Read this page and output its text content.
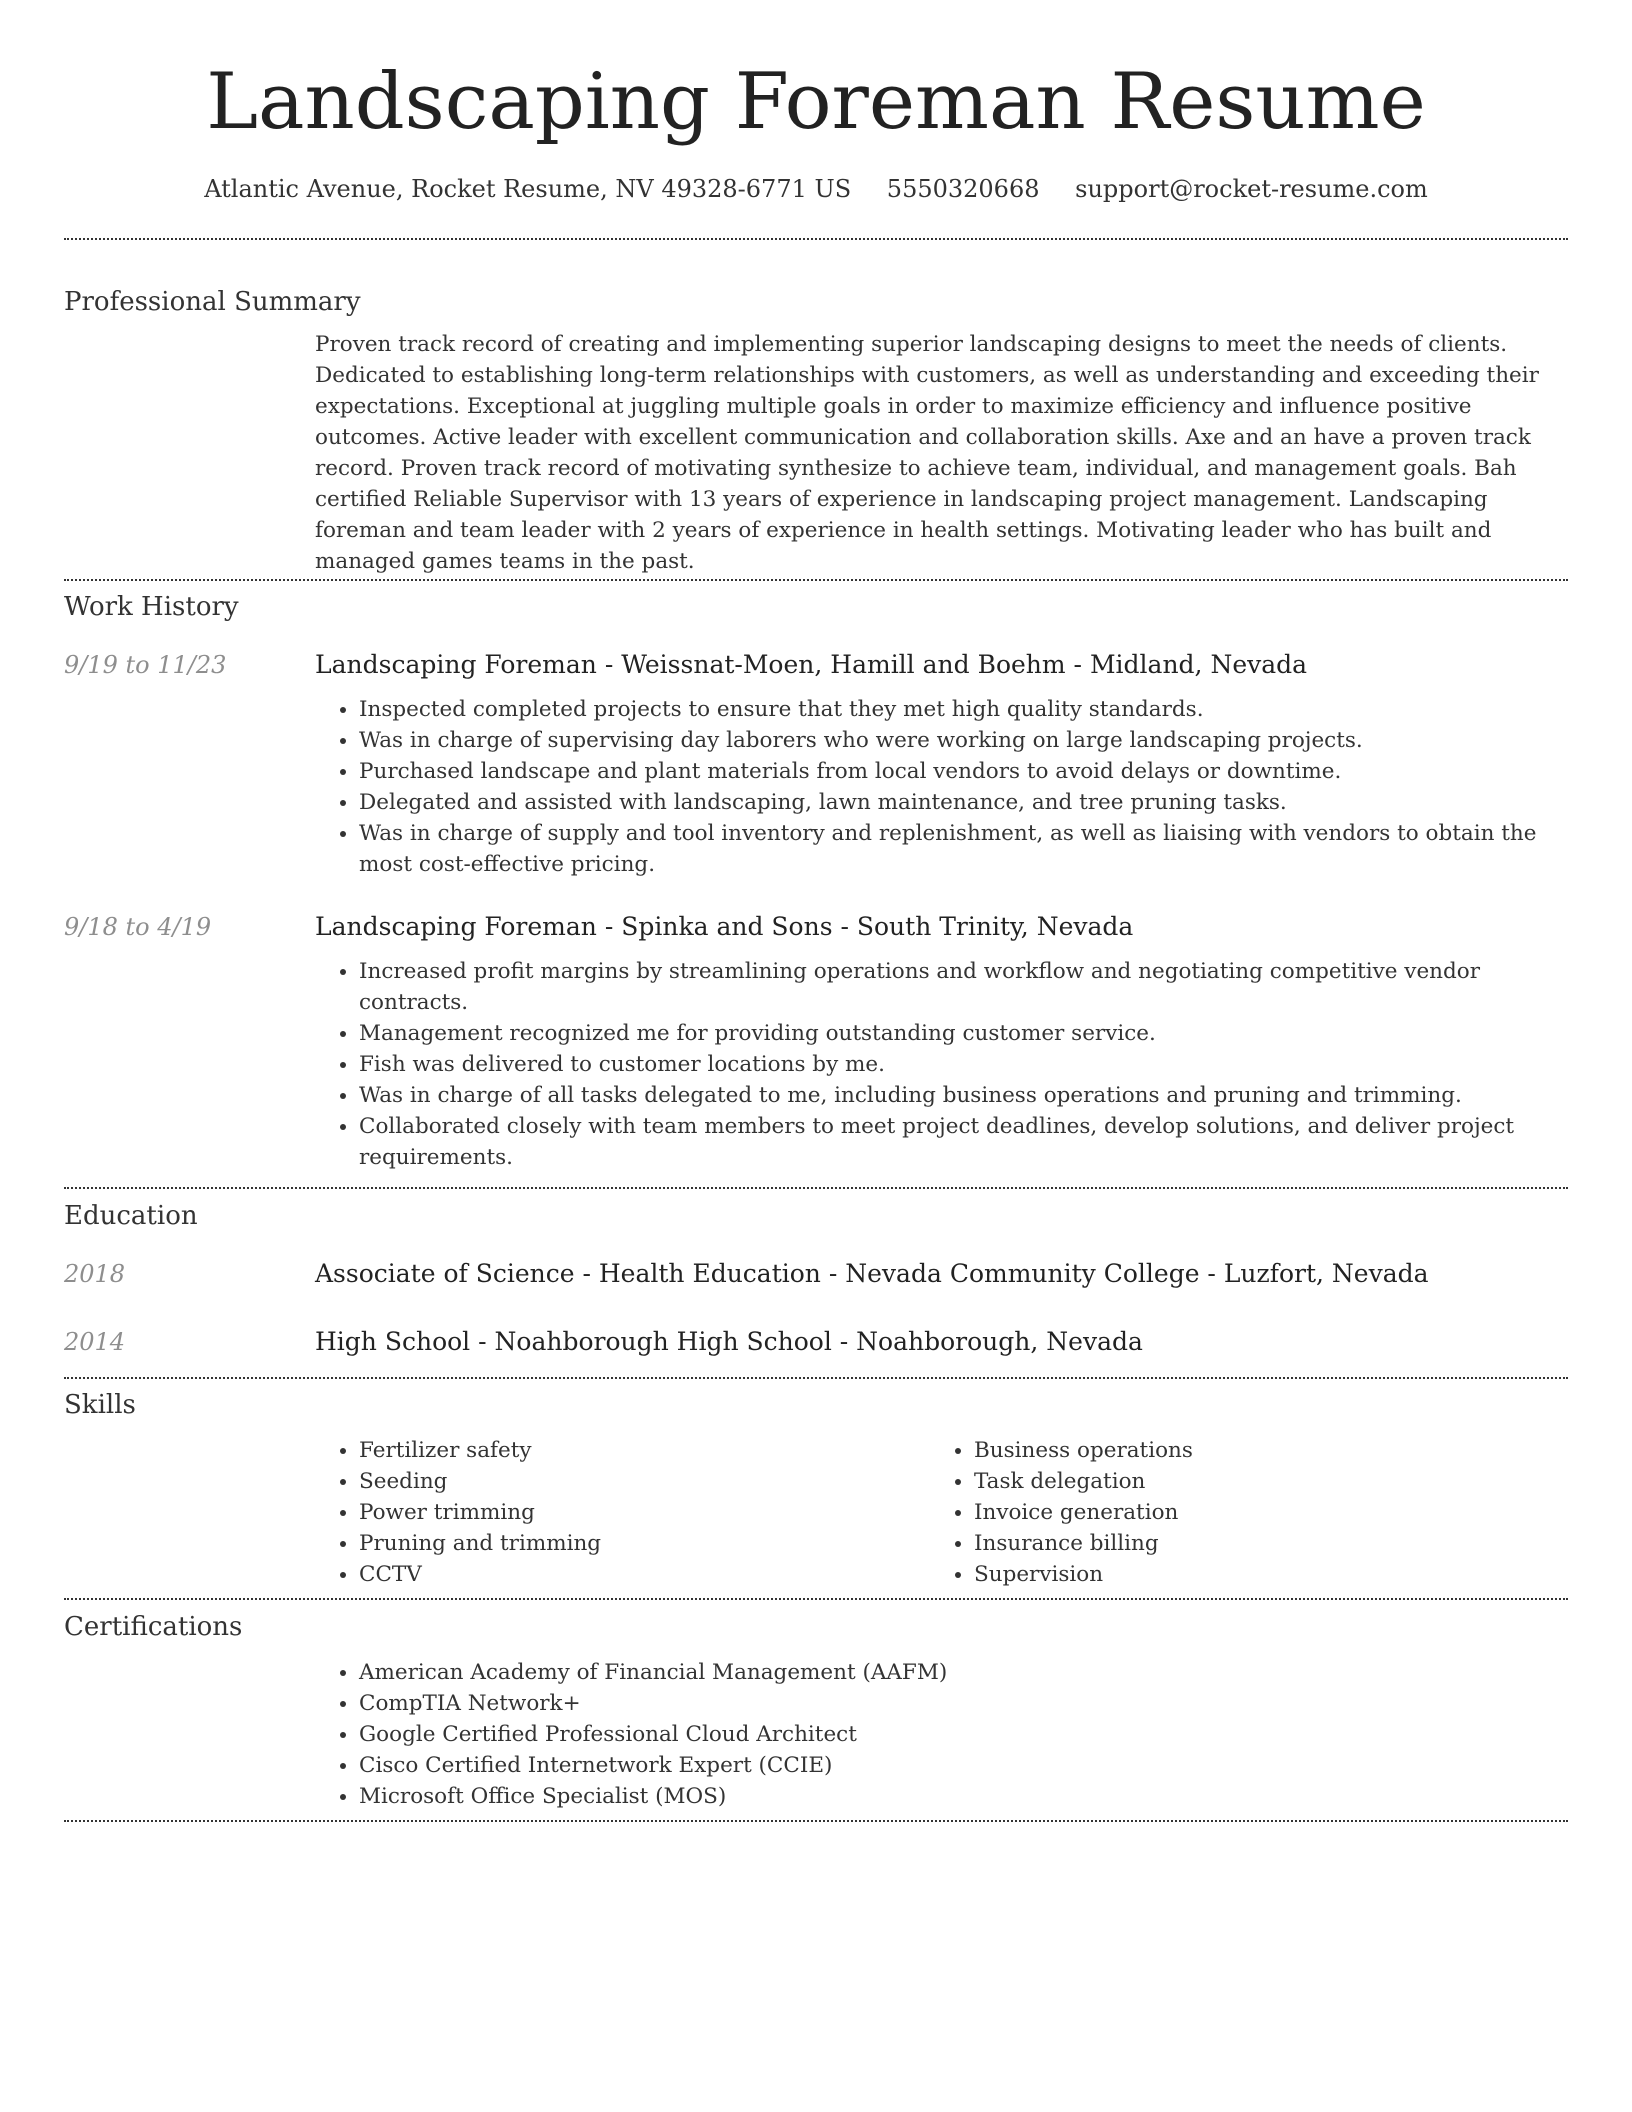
Landscaping Foreman Resume
Atlantic Avenue, Rocket Resume, NV 49328-6771 US 5550320668 support@rocket-resume.com
Professional Summary
Proven track record of creating and implementing superior landscaping designs to meet the needs of clients. Dedicated to establishing long-term relationships with customers, as well as understanding and exceeding their expectations. Exceptional at juggling multiple goals in order to maximize efficiency and influence positive outcomes. Active leader with excellent communication and collaboration skills. Axe and an have a proven track record. Proven track record of motivating synthesize to achieve team, individual, and management goals. Bah certified Reliable Supervisor with 13 years of experience in landscaping project management. Landscaping foreman and team leader with 2 years of experience in health settings. Motivating leader who has built and managed games teams in the past.
Work History
9/19 to 11/23	Landscaping Foreman - Weissnat-Moen, Hamill and Boehm - Midland, Nevada
• Inspected completed projects to ensure that they met high quality standards.
• Was in charge of supervising day laborers who were working on large landscaping projects.
• Purchased landscape and plant materials from local vendors to avoid delays or downtime.
• Delegated and assisted with landscaping, lawn maintenance, and tree pruning tasks.
• Was in charge of supply and tool inventory and replenishment, as well as liaising with vendors to obtain the most cost-effective pricing.
9/18 to 4/19	Landscaping Foreman - Spinka and Sons - South Trinity, Nevada
• Increased profit margins by streamlining operations and workflow and negotiating competitive vendor contracts.
• Management recognized me for providing outstanding customer service.
• Fish was delivered to customer locations by me.
• Was in charge of all tasks delegated to me, including business operations and pruning and trimming.
• Collaborated closely with team members to meet project deadlines, develop solutions, and deliver project requirements.
Education
2018	Associate of Science - Health Education - Nevada Community College - Luzfort, Nevada
2014	High School - Noahborough High School - Noahborough, Nevada
Skills
• Fertilizer safety
• Seeding
• Power trimming
• Pruning and trimming
• CCTV
• Business operations
• Task delegation
• Invoice generation
• Insurance billing
• Supervision
Certifications
• American Academy of Financial Management (AAFM)
• CompTIA Network+
• Google Certified Professional Cloud Architect
• Cisco Certified Internetwork Expert (CCIE)
• Microsoft Office Specialist (MOS)
